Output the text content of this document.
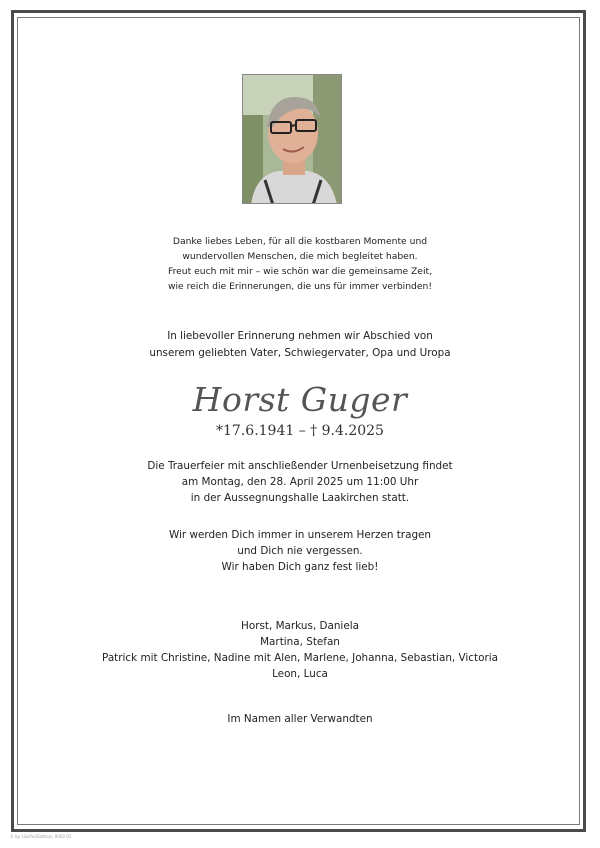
Danke liebes Leben, für all die kostbaren Momente und
wundervollen Menschen, die mich begleitet haben.
Freut euch mit mir – wie schön war die gemeinsame Zeit,
wie reich die Erinnerungen, die uns für immer verbinden!
In liebevoller Erinnerung nehmen wir Abschied von
unserem geliebten Vater, Schwiegervater, Opa und Uropa
Horst Guger
*17.6.1941 – † 9.4.2025
Die Trauerfeier mit anschließender Urnenbeisetzung findet
am Montag, den 28. April 2025 um 11:00 Uhr
in der Aussegnungshalle Laakirchen statt.
Wir werden Dich immer in unserem Herzen tragen
und Dich nie vergessen.
Wir haben Dich ganz fest lieb!
Horst, Markus, Daniela
Martina, Stefan
Patrick mit Christine, Nadine mit Alen, Marlene, Johanna, Sebastian, Victoria
Leon, Luca
Im Namen aller Verwandten
© by Lüschn/Gattnar, 0002-01
